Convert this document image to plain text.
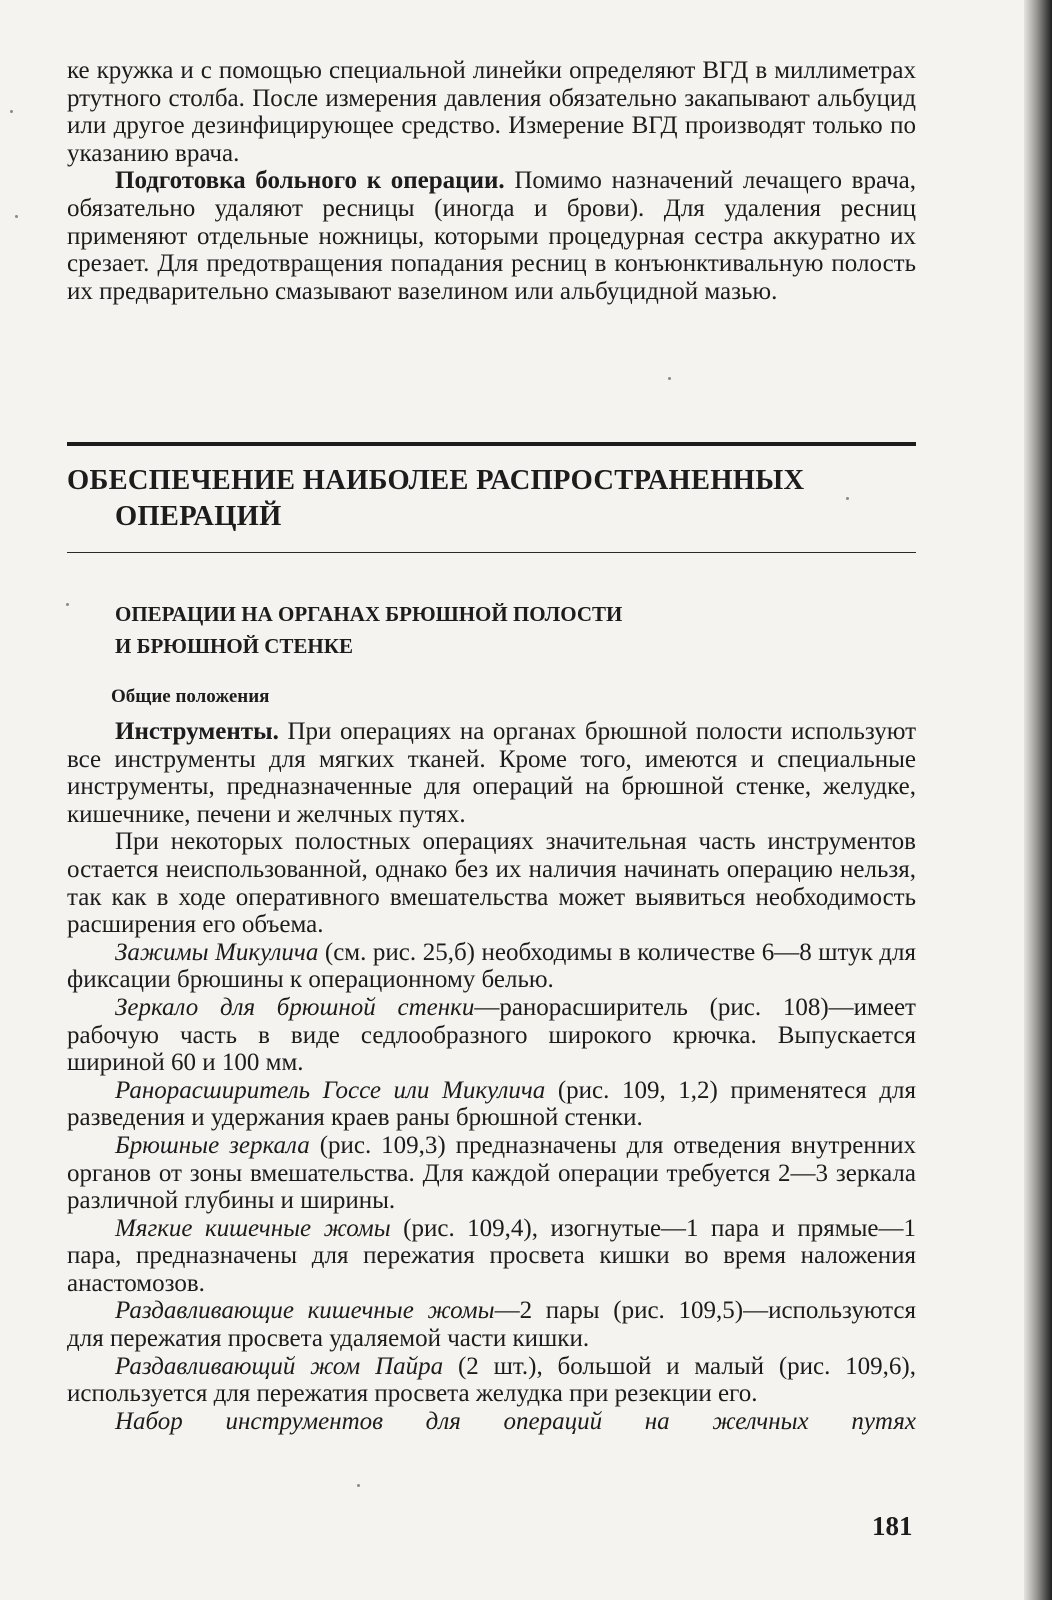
ке кружка и с помощью специальной линейки определяют ВГД в миллиметрах ртутного столба. После измерения давления обязательно закапывают альбуцид или другое дезинфицирующее средство. Измерение ВГД производят только по указанию врача.

Подготовка больного к операции. Помимо назначений лечащего врача, обязательно удаляют ресницы (иногда и брови). Для удаления ресниц применяют отдельные ножницы, которыми процедурная сестра аккуратно их срезает. Для предотвращения попадания ресниц в конъюнктивальную полость их предварительно смазывают вазелином или альбуцидной мазью.

ОБЕСПЕЧЕНИЕ НАИБОЛЕЕ РАСПРОСТРАНЕННЫХ
ОПЕРАЦИЙ
ОПЕРАЦИИ НА ОРГАНАХ БРЮШНОЙ ПОЛОСТИ
И БРЮШНОЙ СТЕНКЕ
Общие положения

Инструменты. При операциях на органах брюшной полости используют все инструменты для мягких тканей. Кроме того, имеются и специальные инструменты, предназначенные для операций на брюшной стенке, желудке, кишечнике, печени и желчных путях.

При некоторых полостных операциях значительная часть инструментов остается неиспользованной, однако без их наличия начинать операцию нельзя, так как в ходе оперативного вмешательства может выявиться необходимость расширения его объема.

Зажимы Микулича (см. рис. 25,б) необходимы в количестве 6—8 штук для фиксации брюшины к операционному белью.

Зеркало для брюшной стенки—ранорасширитель (рис. 108)—имеет рабочую часть в виде седлообразного широкого крючка. Выпускается шириной 60 и 100 мм.

Ранорасширитель Госсе или Микулича (рис. 109, 1,2) применятеся для разведения и удержания краев раны брюшной стенки.

Брюшные зеркала (рис. 109,3) предназначены для отведения внутренних органов от зоны вмешательства. Для каждой операции требуется 2—3 зеркала различной глубины и ширины.

Мягкие кишечные жомы (рис. 109,4), изогнутые—1 пара и прямые—1 пара, предназначены для пережатия просвета кишки во время наложения анастомозов.

Раздавливающие кишечные жомы—2 пары (рис. 109,5)—используются для пережатия просвета удаляемой части кишки.

Раздавливающий жом Пайра (2 шт.), большой и малый (рис. 109,6), используется для пережатия просвета желудка при резекции его.

Набор инструментов для операций на желчных путях

181
